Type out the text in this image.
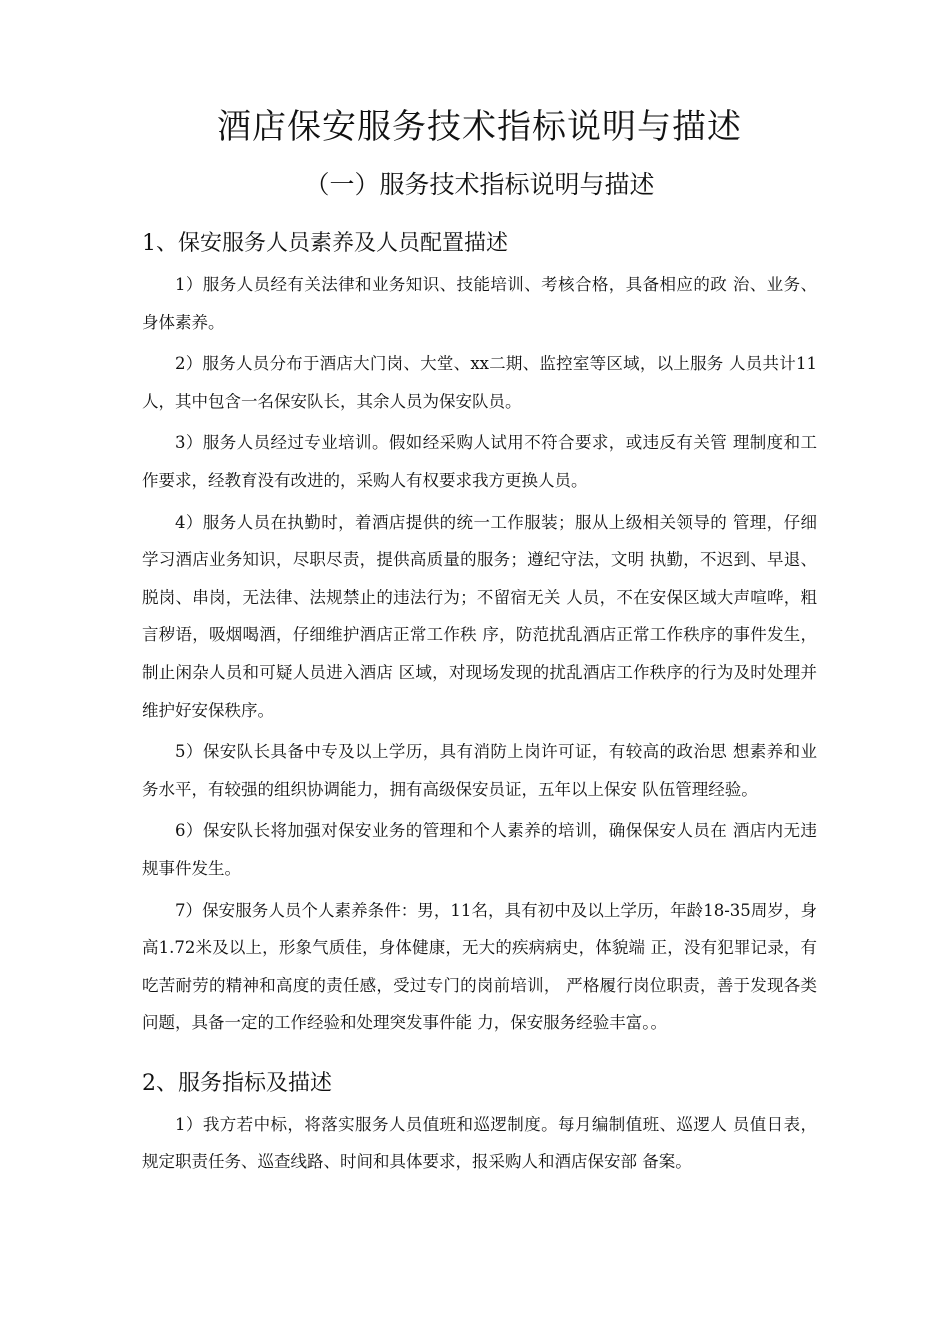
酒店保安服务技术指标说明与描述
（一）服务技术指标说明与描述
1、保安服务人员素养及人员配置描述

1）服务人员经有关法律和业务知识、技能培训、考核合格，具备相应的政 治、业务、身体素养。

2）服务人员分布于酒店大门岗、大堂、xx二期、监控室等区域，以上服务 人员共计11人，其中包含一名保安队长，其余人员为保安队员。

3）服务人员经过专业培训。假如经采购人试用不符合要求，或违反有关管 理制度和工作要求，经教育没有改进的，采购人有权要求我方更换人员。

4）服务人员在执勤时，着酒店提供的统一工作服装；服从上级相关领导的 管理，仔细学习酒店业务知识，尽职尽责，提供高质量的服务；遵纪守法，文明 执勤，不迟到、早退、脱岗、串岗，无法律、法规禁止的违法行为；不留宿无关 人员，不在安保区域大声喧哗，粗言秽语，吸烟喝酒，仔细维护酒店正常工作秩 序，防范扰乱酒店正常工作秩序的事件发生，制止闲杂人员和可疑人员进入酒店 区域，对现场发现的扰乱酒店工作秩序的行为及时处理并维护好安保秩序。

5）保安队长具备中专及以上学历，具有消防上岗许可证，有较高的政治思 想素养和业务水平，有较强的组织协调能力，拥有高级保安员证，五年以上保安 队伍管理经验。

6）保安队长将加强对保安业务的管理和个人素养的培训，确保保安人员在 酒店内无违规事件发生。

7）保安服务人员个人素养条件：男，11名，具有初中及以上学历，年龄18-35周岁，身高1.72米及以上，形象气质佳，身体健康，无大的疾病病史，体貌端 正，没有犯罪记录，有吃苦耐劳的精神和高度的责任感，受过专门的岗前培训， 严格履行岗位职责，善于发现各类问题，具备一定的工作经验和处理突发事件能 力，保安服务经验丰富。。

2、服务指标及描述

1）我方若中标，将落实服务人员值班和巡逻制度。每月编制值班、巡逻人 员值日表，规定职责任务、巡查线路、时间和具体要求，报采购人和酒店保安部 备案。
